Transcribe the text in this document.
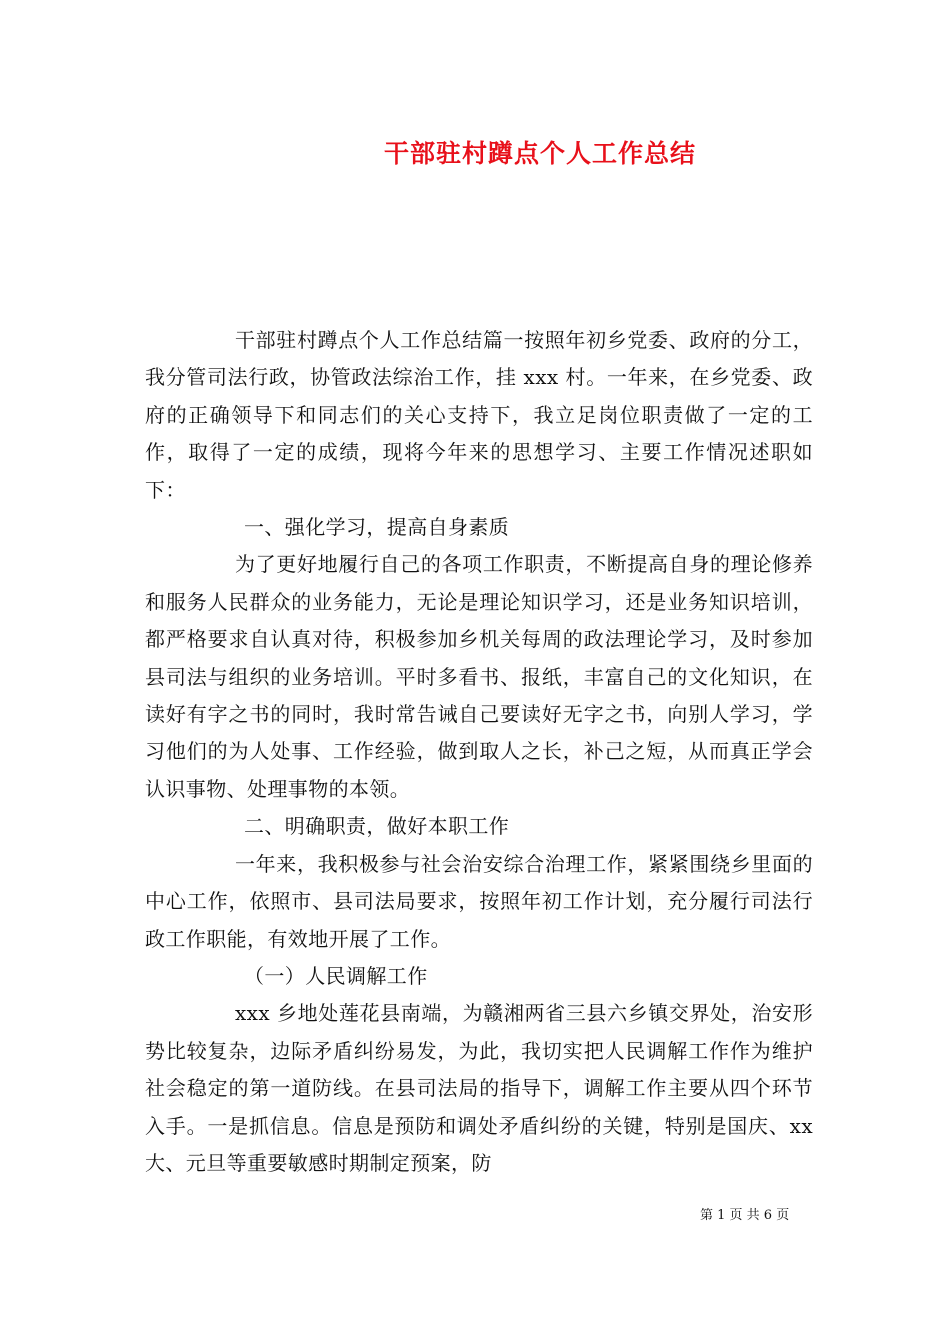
干部驻村蹲点个人工作总结

干部驻村蹲点个人工作总结篇一按照年初乡党委、政府的分工，我分管司法行政，协管政法综治工作，挂 xxx 村。一年来，在乡党委、政府的正确领导下和同志们的关心支持下，我立足岗位职责做了一定的工作，取得了一定的成绩，现将今年来的思想学习、主要工作情况述职如下：

一、强化学习，提高自身素质

为了更好地履行自己的各项工作职责，不断提高自身的理论修养和服务人民群众的业务能力，无论是理论知识学习，还是业务知识培训，都严格要求自认真对待，积极参加乡机关每周的政法理论学习，及时参加县司法与组织的业务培训。平时多看书、报纸，丰富自己的文化知识，在读好有字之书的同时，我时常告诫自己要读好无字之书，向别人学习，学习他们的为人处事、工作经验，做到取人之长，补己之短，从而真正学会认识事物、处理事物的本领。

二、明确职责，做好本职工作

一年来，我积极参与社会治安综合治理工作，紧紧围绕乡里面的中心工作，依照市、县司法局要求，按照年初工作计划，充分履行司法行政工作职能，有效地开展了工作。

（一）人民调解工作

xxx 乡地处莲花县南端，为赣湘两省三县六乡镇交界处，治安形势比较复杂，边际矛盾纠纷易发，为此，我切实把人民调解工作作为维护社会稳定的第一道防线。在县司法局的指导下，调解工作主要从四个环节入手。一是抓信息。信息是预防和调处矛盾纠纷的关键，特别是国庆、xx 大、元旦等重要敏感时期制定预案，防

第 1 页 共 6 页
